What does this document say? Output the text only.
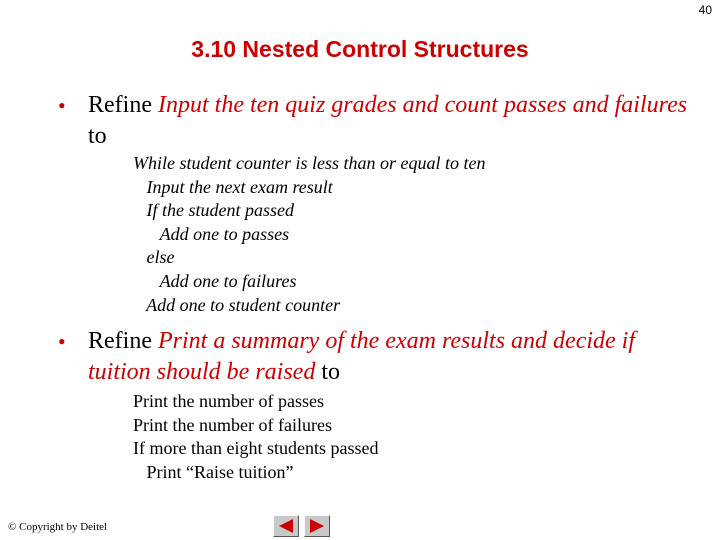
40
3.10 Nested Control Structures
• Refine Input the ten quiz grades and count passes and failures to
While student counter is less than or equal to ten
Input the next exam result
If the student passed
Add one to passes
else
Add one to failures
Add one to student counter
• Refine Print a summary of the exam results and decide if tuition should be raised to
Print the number of passes
Print the number of failures
If more than eight students passed
Print “Raise tuition”
© Copyright by Deitel
